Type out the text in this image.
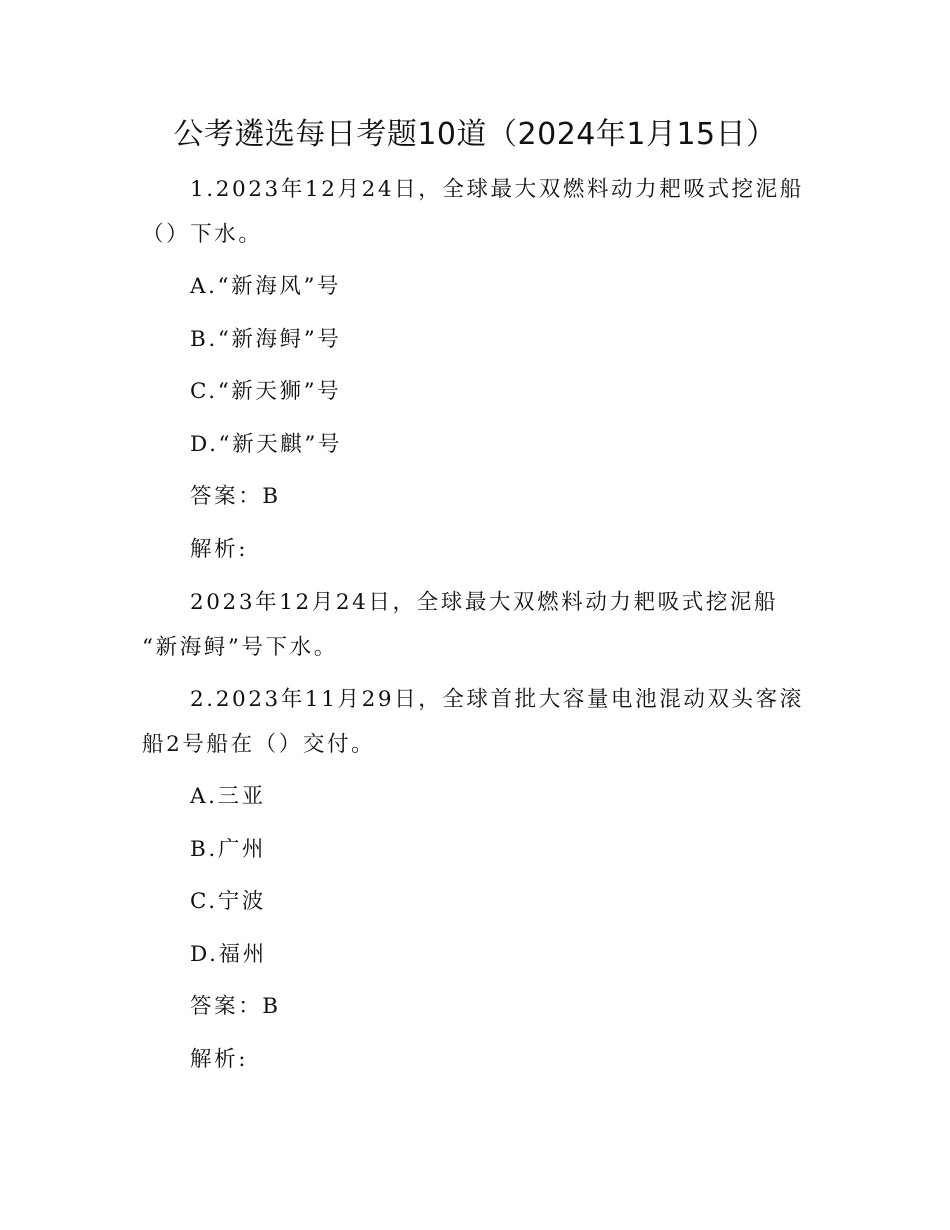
公考遴选每日考题10道（2024年1月15日）
1.2023年12月24日，全球最大双燃料动力耙吸式挖泥船
（）下水。
A.“新海风”号
B.“新海鲟”号
C.“新天狮”号
D.“新天麒”号
答案：B
解析:
2023年12月24日，全球最大双燃料动力耙吸式挖泥船
“新海鲟”号下水。
2.2023年11月29日，全球首批大容量电池混动双头客滚
船2号船在（）交付。
A.三亚
B.广州
C.宁波
D.福州
答案：B
解析:
